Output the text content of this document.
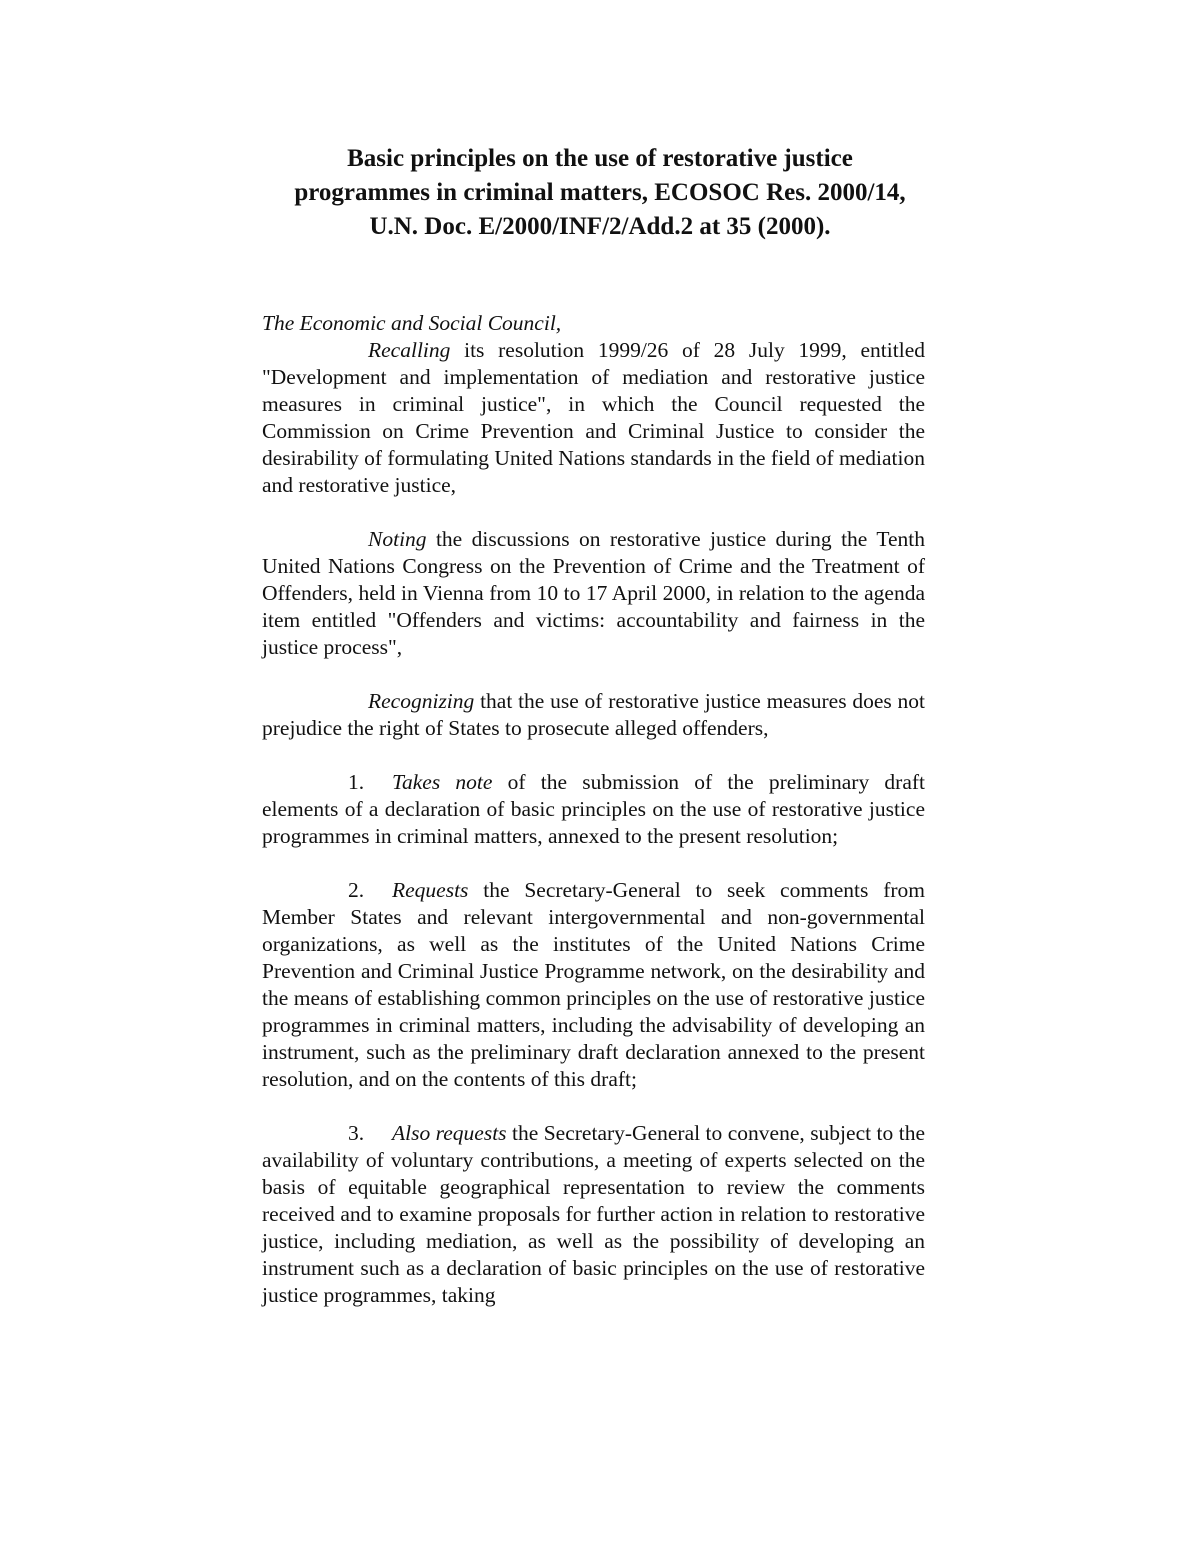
Basic principles on the use of restorative justice
programmes in criminal matters, ECOSOC Res. 2000/14,
U.N. Doc. E/2000/INF/2/Add.2 at 35 (2000).

The Economic and Social Council,

Recalling its resolution 1999/26 of 28 July 1999, entitled "Development and implementation of mediation and restorative justice measures in criminal justice", in which the Council requested the Commission on Crime Prevention and Criminal Justice to consider the desirability of formulating United Nations standards in the field of mediation and restorative justice,

Noting the discussions on restorative justice during the Tenth United Nations Congress on the Prevention of Crime and the Treatment of Offenders, held in Vienna from 10 to 17 April 2000, in relation to the agenda item entitled "Offenders and victims: accountability and fairness in the justice process",

Recognizing that the use of restorative justice measures does not prejudice the right of States to prosecute alleged offenders,

1. Takes note of the submission of the preliminary draft elements of a declaration of basic principles on the use of restorative justice programmes in criminal matters, annexed to the present resolution;

2. Requests the Secretary-General to seek comments from Member States and relevant intergovernmental and non-governmental organizations, as well as the institutes of the United Nations Crime Prevention and Criminal Justice Programme network, on the desirability and the means of establishing common principles on the use of restorative justice programmes in criminal matters, including the advisability of developing an instrument, such as the preliminary draft declaration annexed to the present resolution, and on the contents of this draft;

3. Also requests the Secretary-General to convene, subject to the availability of voluntary contributions, a meeting of experts selected on the basis of equitable geographical representation to review the comments received and to examine proposals for further action in relation to restorative justice, including mediation, as well as the possibility of developing an instrument such as a declaration of basic principles on the use of restorative justice programmes, taking
